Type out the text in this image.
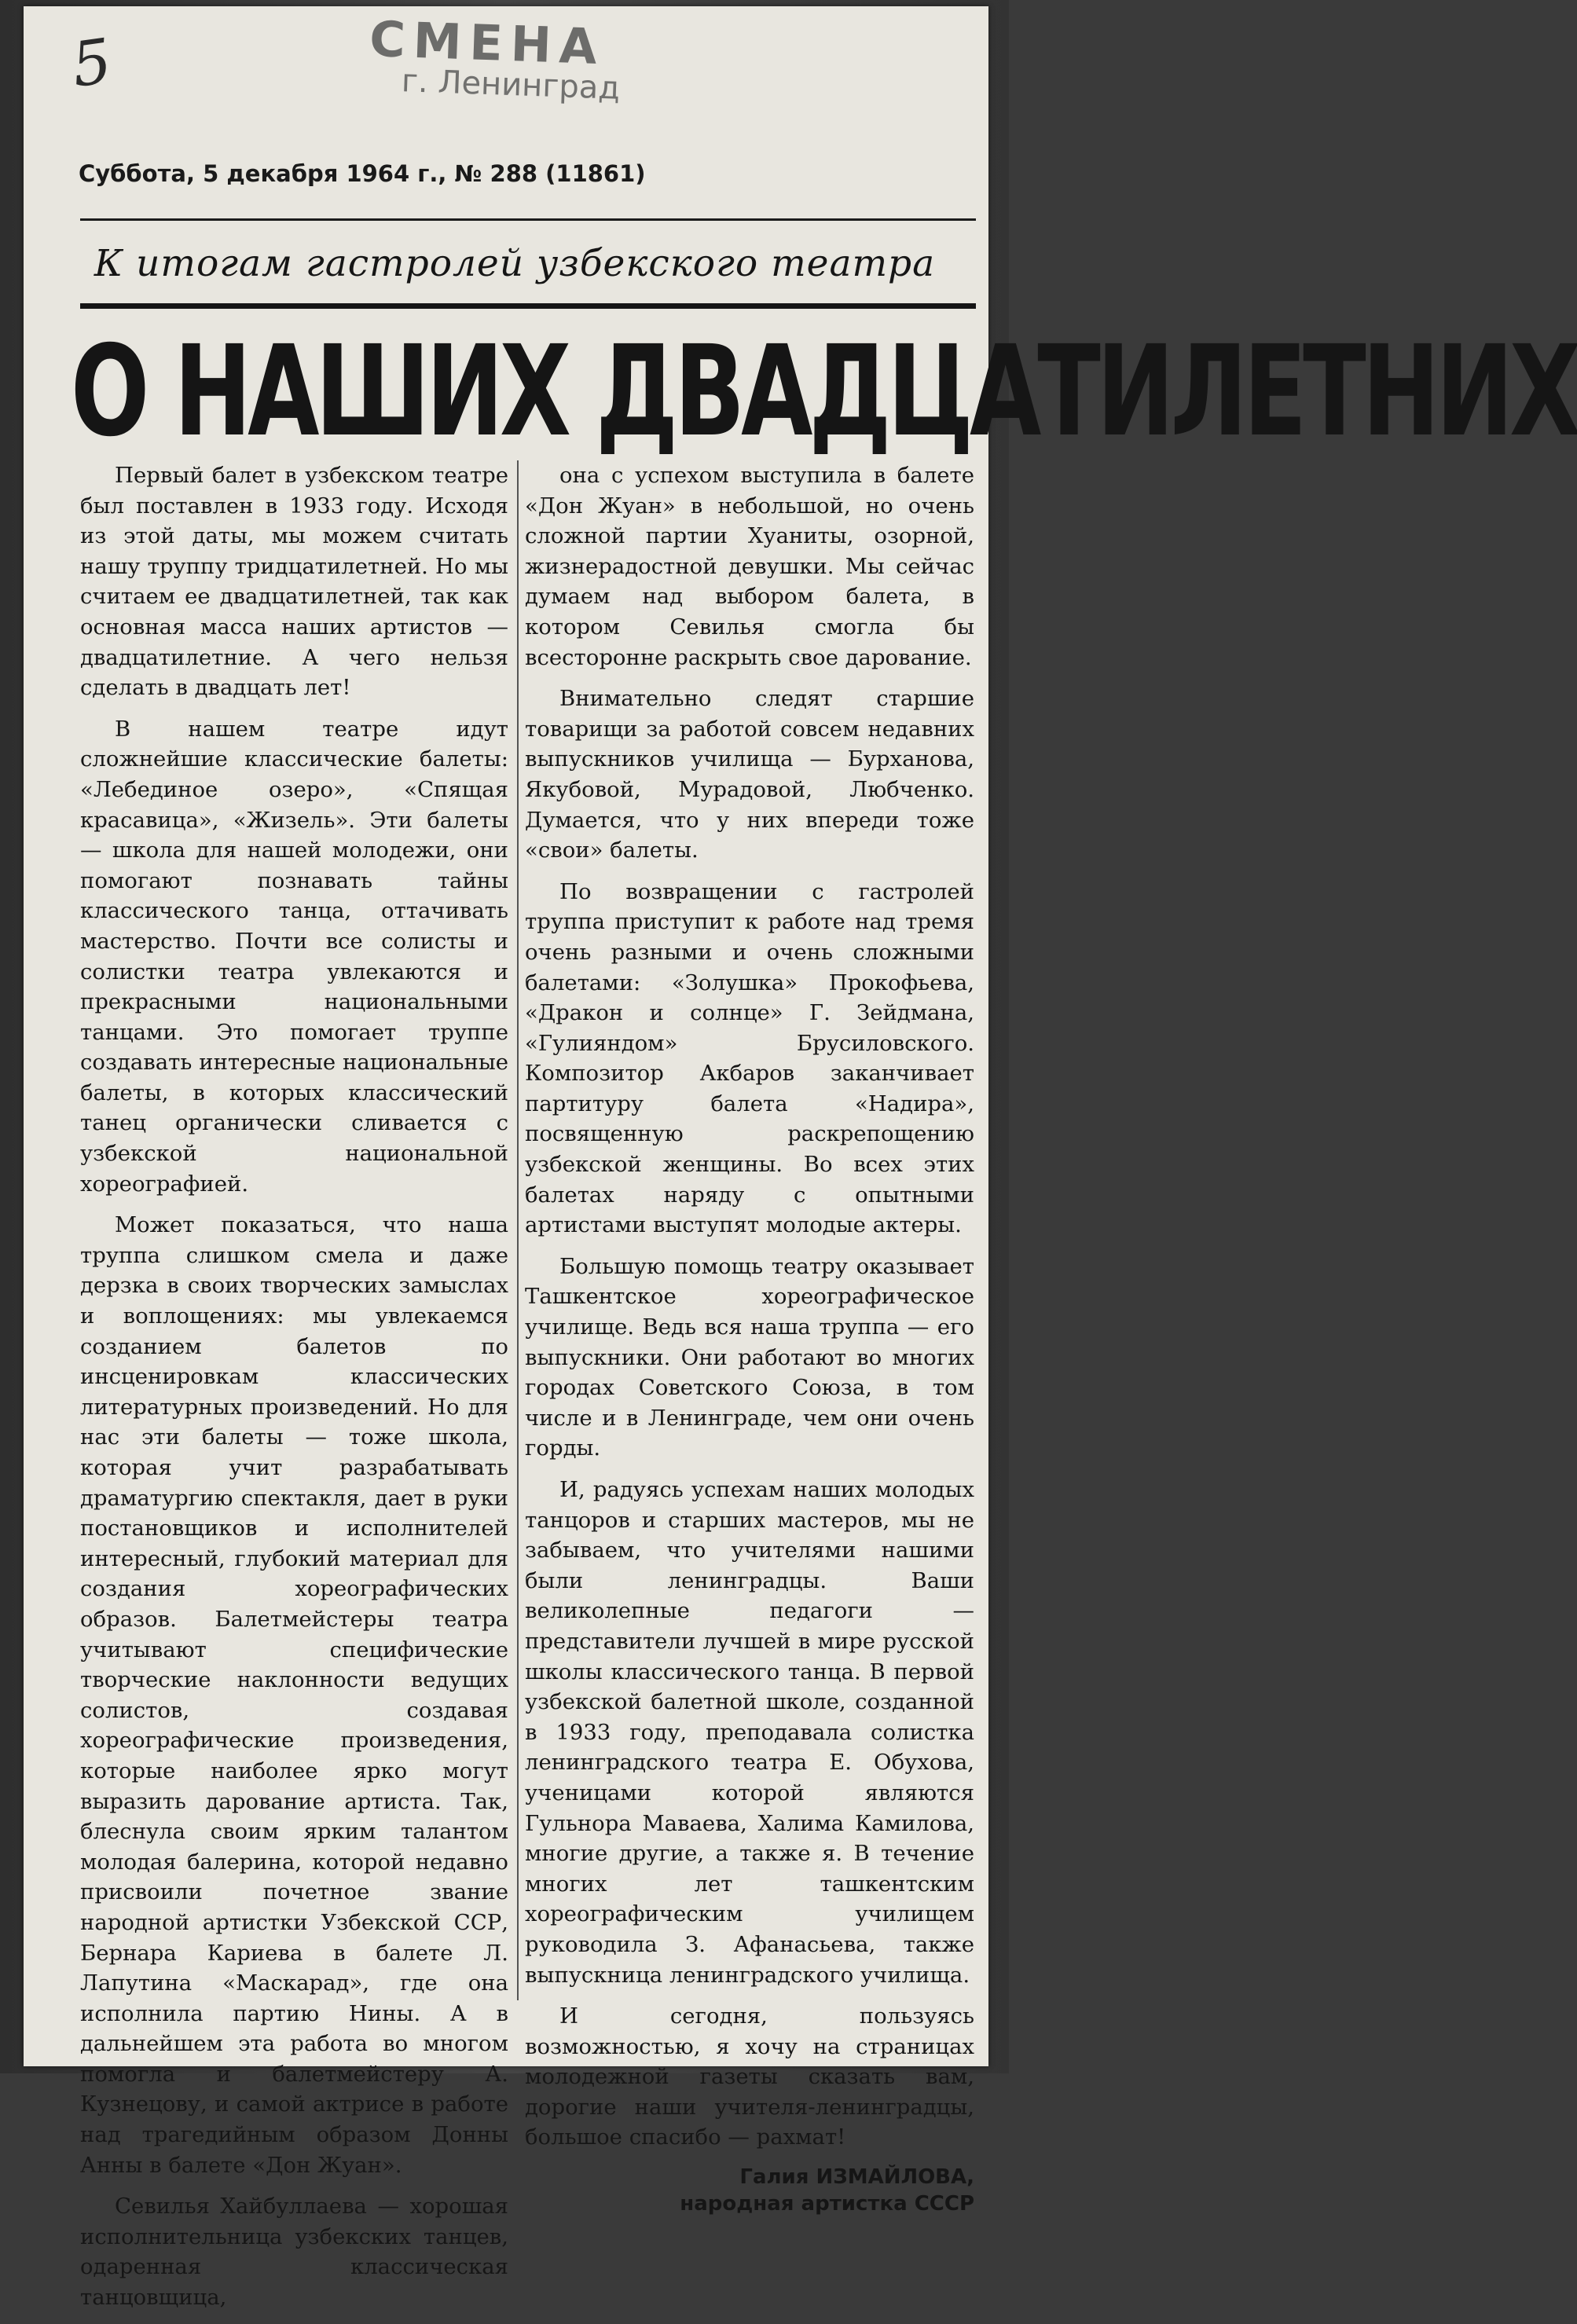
5	СМЕНА
г. Ленинград
Суббота, 5 декабря 1964 г., № 288 (11861)
К итогам гастролей узбекского театра
О НАШИХ ДВАДЦАТИЛЕТНИХ

Первый балет в узбекском театре был поставлен в 1933 году. Исходя из этой даты, мы можем считать нашу труппу тридцатилетней. Но мы считаем ее двадцатилетней, так как основная масса наших артистов — двадцатилетние. А чего нельзя сделать в двадцать лет!

В нашем театре идут сложнейшие классические балеты: «Лебединое озеро», «Спящая красавица», «Жизель». Эти балеты — школа для нашей молодежи, они помогают познавать тайны классического танца, оттачивать мастерство. Почти все солисты и солистки театра увлекаются и прекрасными национальными танцами. Это помогает труппе создавать интересные национальные балеты, в которых классический танец органически сливается с узбекской национальной хореографией.

Может показаться, что наша труппа слишком смела и даже дерзка в своих творческих замыслах и воплощениях: мы увлекаемся созданием балетов по инсценировкам классических литературных произведений. Но для нас эти балеты — тоже школа, которая учит разрабатывать драматургию спектакля, дает в руки постановщиков и исполнителей интересный, глубокий материал для создания хореографических образов. Балетмейстеры театра учитывают специфические творческие наклонности ведущих солистов, создавая хореографические произведения, которые наиболее ярко могут выразить дарование артиста. Так, блеснула своим ярким талантом молодая балерина, которой недавно присвоили почетное звание народной артистки Узбекской ССР, Бернара Кариева в балете Л. Лапутина «Маскарад», где она исполнила партию Нины. А в дальнейшем эта работа во многом помогла и балетмейстеру А. Кузнецову, и самой актрисе в работе над трагедийным образом Донны Анны в балете «Дон Жуан».

Севилья Хайбуллаева — хорошая исполнительница узбекских танцев, одаренная классическая танцовщица,

она с успехом выступила в балете «Дон Жуан» в небольшой, но очень сложной партии Хуаниты, озорной, жизнерадостной девушки. Мы сейчас думаем над выбором балета, в котором Севилья смогла бы всесторонне раскрыть свое дарование.

Внимательно следят старшие товарищи за работой совсем недавних выпускников училища — Бурханова, Якубовой, Мурадовой, Любченко. Думается, что у них впереди тоже «свои» балеты.

По возвращении с гастролей труппа приступит к работе над тремя очень разными и очень сложными балетами: «Золушка» Прокофьева, «Дракон и солнце» Г. Зейдмана, «Гулияндом» Брусиловского. Композитор Акбаров заканчивает партитуру балета «Надира», посвященную раскрепощению узбекской женщины. Во всех этих балетах наряду с опытными артистами выступят молодые актеры.

Большую помощь театру оказывает Ташкентское хореографическое училище. Ведь вся наша труппа — его выпускники. Они работают во многих городах Советского Союза, в том числе и в Ленинграде, чем они очень горды.

И, радуясь успехам наших молодых танцоров и старших мастеров, мы не забываем, что учителями нашими были ленинградцы. Ваши великолепные педагоги — представители лучшей в мире русской школы классического танца. В первой узбекской балетной школе, созданной в 1933 году, преподавала солистка ленинградского театра Е. Обухова, ученицами которой являются Гульнора Маваева, Халима Камилова, многие другие, а также я. В течение многих лет ташкентским хореографическим училищем руководила З. Афанасьева, также выпускница ленинградского училища.

И сегодня, пользуясь возможностью, я хочу на страницах молодежной газеты сказать вам, дорогие наши учителя-ленинградцы, большое спасибо — рахмат!

Галия ИЗМАЙЛОВА,
народная артистка СССР
